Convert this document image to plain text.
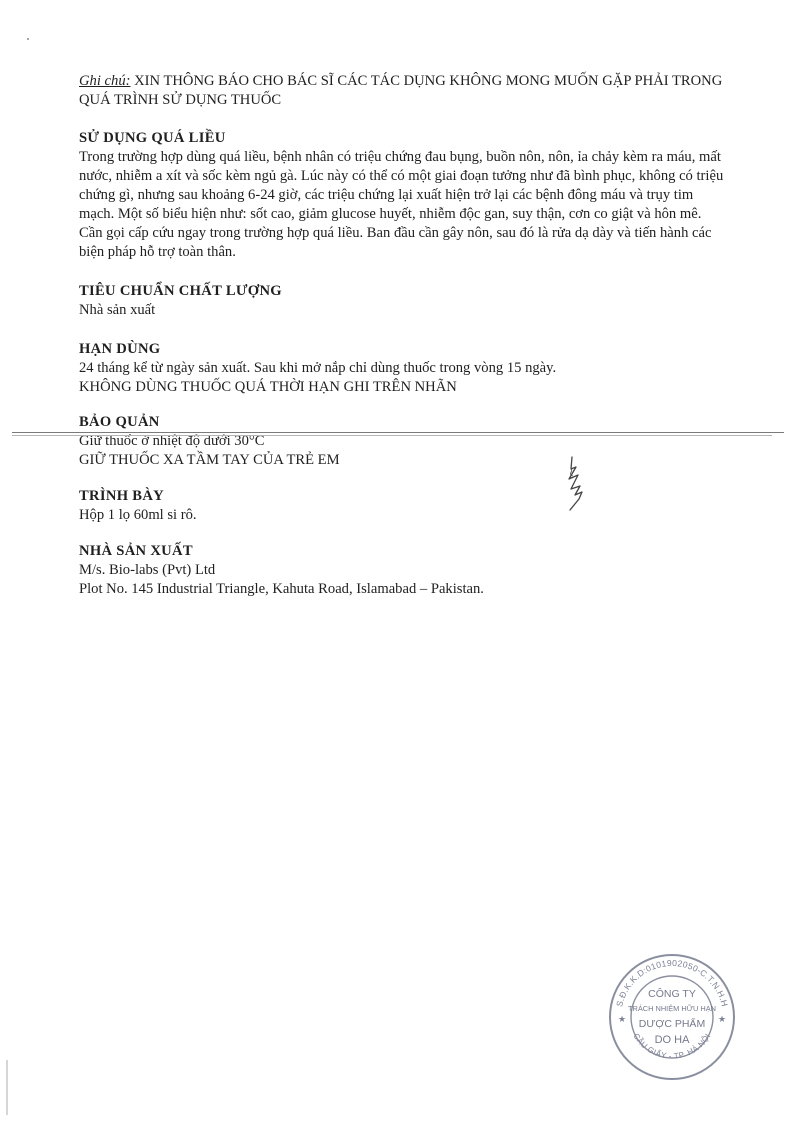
Ghi chú: XIN THÔNG BÁO CHO BÁC SĨ CÁC TÁC DỤNG KHÔNG MONG MUỐN GẶP PHẢI TRONG QUÁ TRÌNH SỬ DỤNG THUỐC
SỬ DỤNG QUÁ LIỀU

Trong trường hợp dùng quá liều, bệnh nhân có triệu chứng đau bụng, buồn nôn, nôn, ỉa chảy kèm ra máu, mất nước, nhiễm a xít và sốc kèm ngủ gà. Lúc này có thể có một giai đoạn tưởng như đã bình phục, không có triệu chứng gì, nhưng sau khoảng 6-24 giờ, các triệu chứng lại xuất hiện trở lại các bệnh đông máu và trụy tim mạch. Một số biểu hiện như: sốt cao, giảm glucose huyết, nhiễm độc gan, suy thận, cơn co giật và hôn mê.

Cần gọi cấp cứu ngay trong trường hợp quá liều. Ban đầu cần gây nôn, sau đó là rửa dạ dày và tiến hành các biện pháp hỗ trợ toàn thân.

TIÊU CHUẨN CHẤT LƯỢNG

Nhà sản xuất

HẠN DÙNG

24 tháng kể từ ngày sản xuất. Sau khi mở nắp chỉ dùng thuốc trong vòng 15 ngày.

KHÔNG DÙNG THUỐC QUÁ THỜI HẠN GHI TRÊN NHÃN

BẢO QUẢN

Giữ thuốc ở nhiệt độ dưới 30°C

GIỮ THUỐC XA TẦM TAY CỦA TRẺ EM

TRÌNH BÀY

Hộp 1 lọ 60ml si rô.

NHÀ SẢN XUẤT

M/s. Bio-labs (Pvt) Ltd

Plot No. 145 Industrial Triangle, Kahuta Road, Islamabad – Pakistan.

S.Đ.K.K.D:0101902050-C.T.N.H.H
CẦU GIẤY - TP. HÀ NỘI
★	★
CÔNG TY
TRÁCH NHIỆM HỮU HẠN
DƯỢC PHẨM
DO HA
